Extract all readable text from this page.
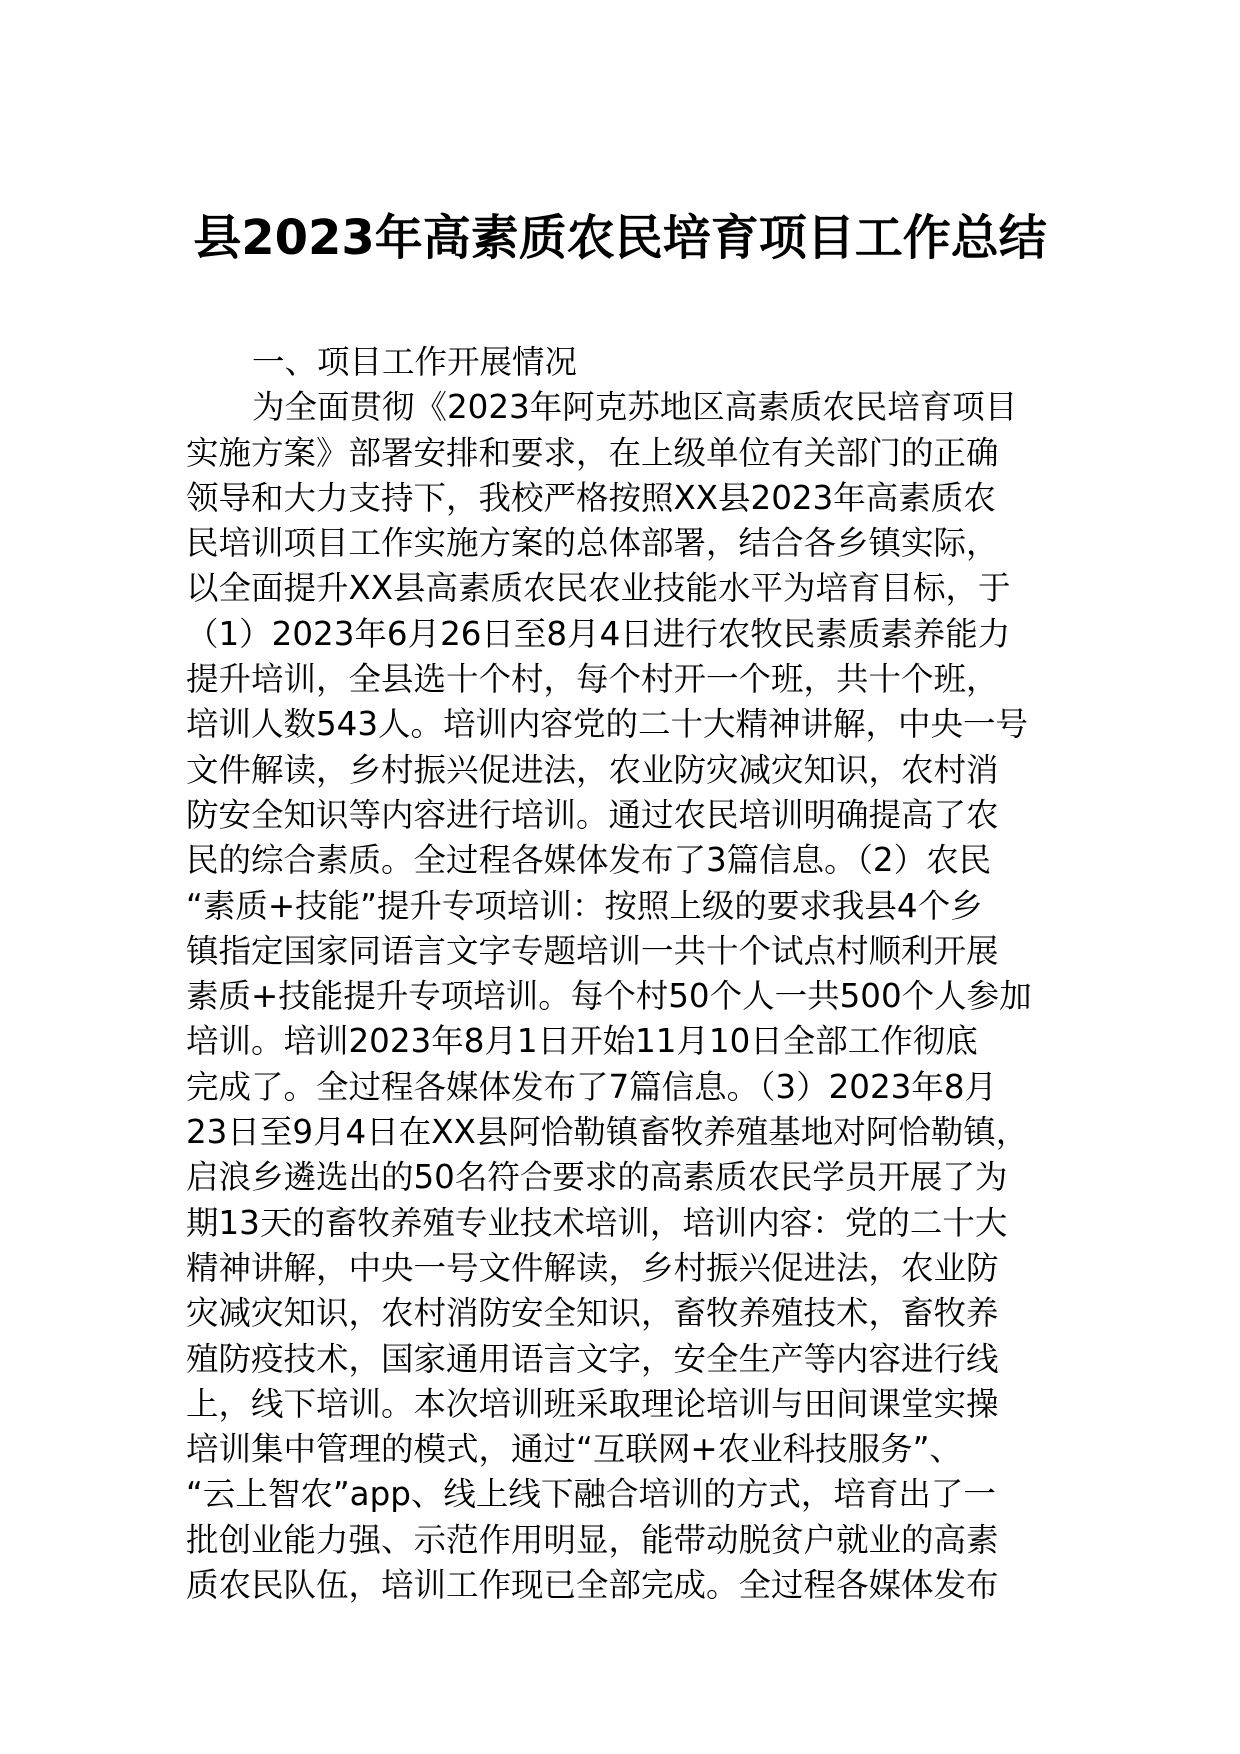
县2023年高素质农民培育项目工作总结
一、项目工作开展情况
为全面贯彻《2023年阿克苏地区高素质农民培育项目
实施方案》部署安排和要求，在上级单位有关部门的正确
领导和大力支持下，我校严格按照XX县2023年高素质农
民培训项目工作实施方案的总体部署，结合各乡镇实际，
以全面提升XX县高素质农民农业技能水平为培育目标，于
（1）2023年6月26日至8月4日进行农牧民素质素养能力
提升培训，全县选十个村，每个村开一个班，共十个班，
培训人数543人。培训内容党的二十大精神讲解，中央一号
文件解读，乡村振兴促进法，农业防灾减灾知识，农村消
防安全知识等内容进行培训。通过农民培训明确提高了农
民的综合素质。全过程各媒体发布了3篇信息。（2）农民
“素质+技能”提升专项培训：按照上级的要求我县4个乡
镇指定国家同语言文字专题培训一共十个试点村顺利开展
素质+技能提升专项培训。每个村50个人一共500个人参加
培训。培训2023年8月1日开始11月10日全部工作彻底
完成了。全过程各媒体发布了7篇信息。（3）2023年8月
23日至9月4日在XX县阿恰勒镇畜牧养殖基地对阿恰勒镇，
启浪乡遴选出的50名符合要求的高素质农民学员开展了为
期13天的畜牧养殖专业技术培训，培训内容：党的二十大
精神讲解，中央一号文件解读，乡村振兴促进法，农业防
灾减灾知识，农村消防安全知识，畜牧养殖技术，畜牧养
殖防疫技术，国家通用语言文字，安全生产等内容进行线
上，线下培训。本次培训班采取理论培训与田间课堂实操
培训集中管理的模式，通过“互联网+农业科技服务”、
“云上智农”app、线上线下融合培训的方式，培育出了一
批创业能力强、示范作用明显，能带动脱贫户就业的高素
质农民队伍，培训工作现已全部完成。全过程各媒体发布
